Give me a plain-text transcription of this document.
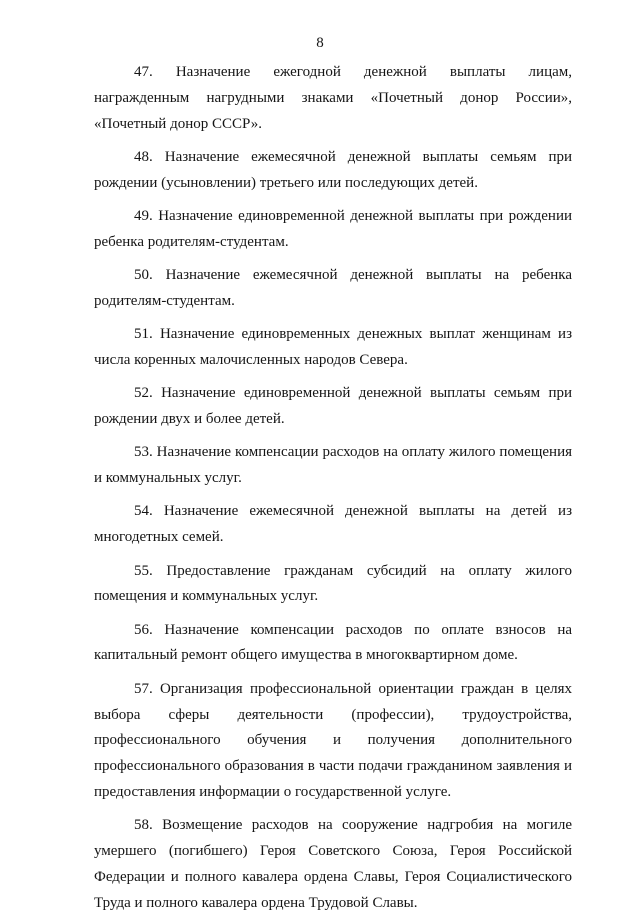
8

47. Назначение ежегодной денежной выплаты лицам, награжденным нагрудными знаками «Почетный донор России», «Почетный донор СССР».

48. Назначение ежемесячной денежной выплаты семьям при рождении (усыновлении) третьего или последующих детей.

49. Назначение единовременной денежной выплаты при рождении ребенка родителям-студентам.

50. Назначение ежемесячной денежной выплаты на ребенка родителям-студентам.

51. Назначение единовременных денежных выплат женщинам из числа коренных малочисленных народов Севера.

52. Назначение единовременной денежной выплаты семьям при рождении двух и более детей.

53. Назначение компенсации расходов на оплату жилого помещения и коммунальных услуг.

54. Назначение ежемесячной денежной выплаты на детей из многодетных семей.

55. Предоставление гражданам субсидий на оплату жилого помещения и коммунальных услуг.

56. Назначение компенсации расходов по оплате взносов на капитальный ремонт общего имущества в многоквартирном доме.

57. Организация профессиональной ориентации граждан в целях выбора сферы деятельности (профессии), трудоустройства, профессионального обучения и получения дополнительного профессионального образования в части подачи гражданином заявления и предоставления информации о государственной услуге.

58. Возмещение расходов на сооружение надгробия на могиле умершего (погибшего) Героя Советского Союза, Героя Российской Федерации и полного кавалера ордена Славы, Героя Социалистического Труда и полного кавалера ордена Трудовой Славы.
